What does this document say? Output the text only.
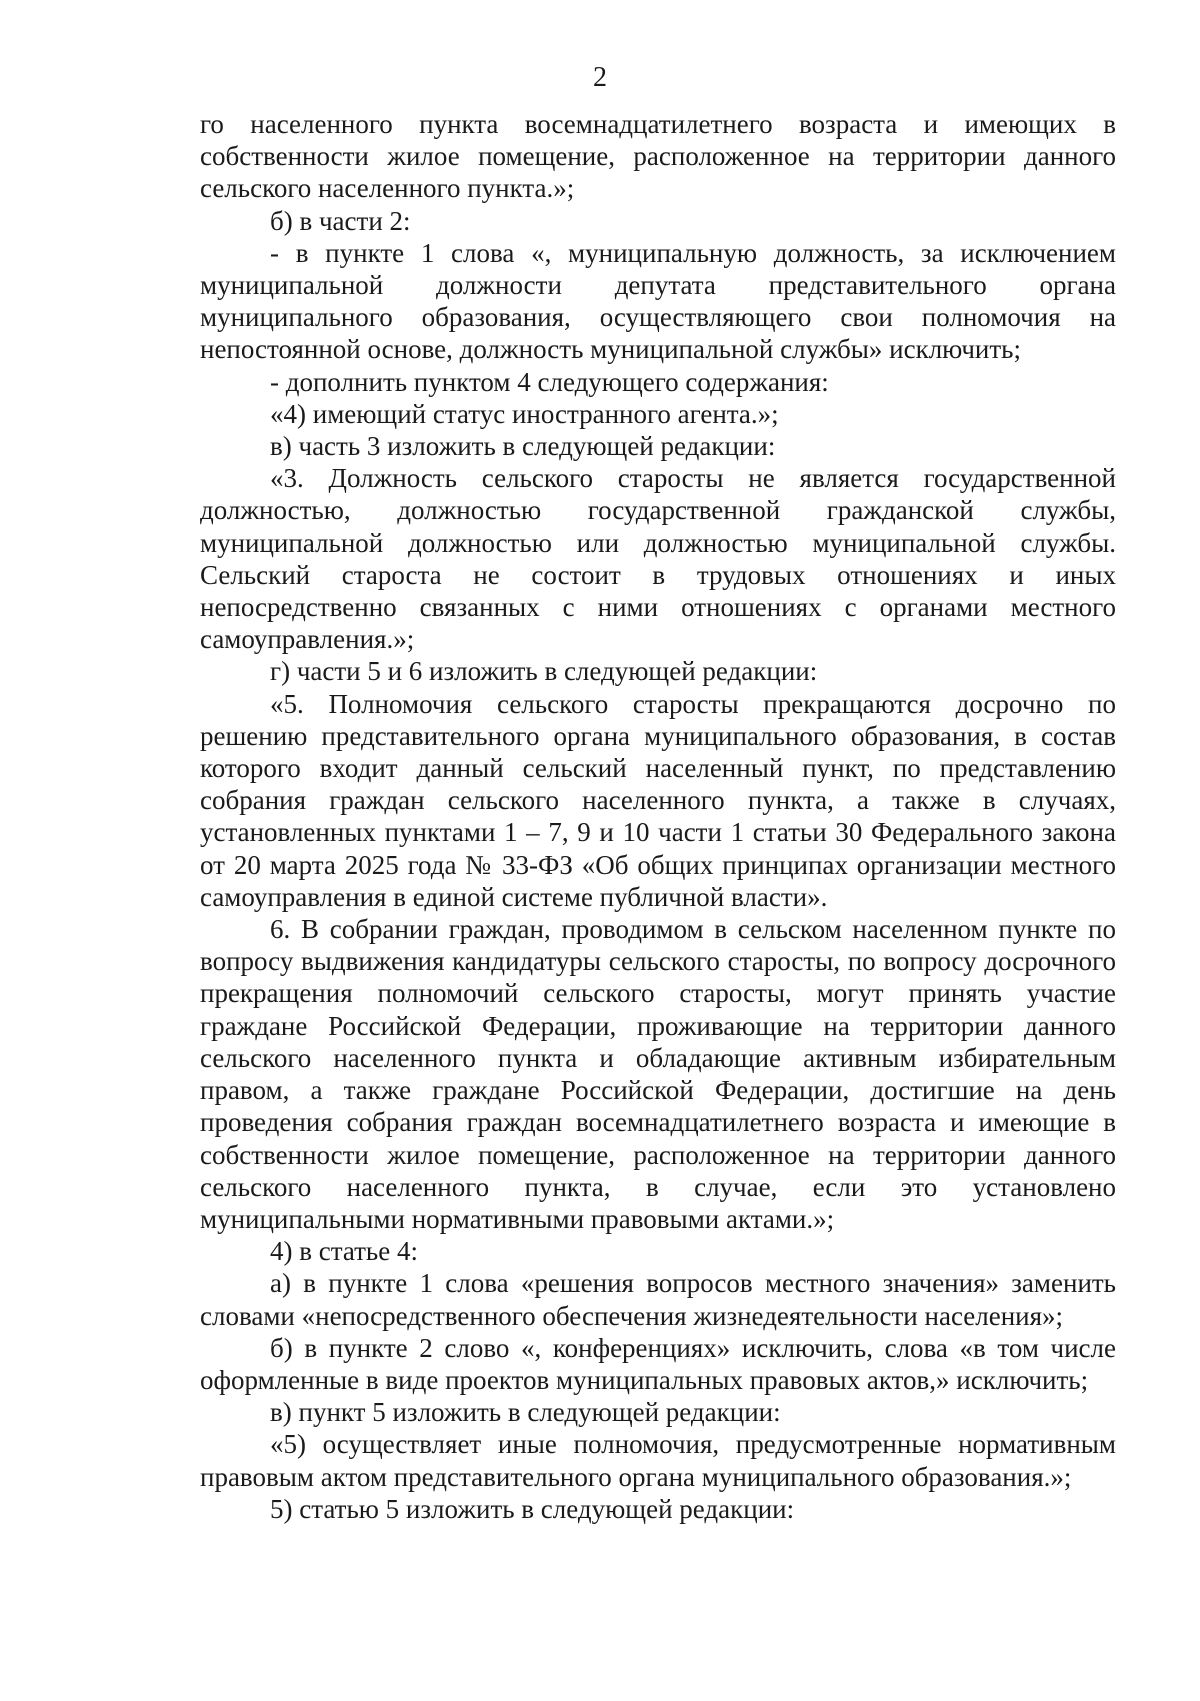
2

го населенного пункта восемнадцатилетнего возраста и имеющих в собственности жилое помещение, расположенное на территории данного сельского населенного пункта.»;

б) в части 2:

- в пункте 1 слова «, муниципальную должность, за исключением муниципальной должности депутата представительного органа муниципального образования, осуществляющего свои полномочия на непостоянной основе, должность муниципальной службы» исключить;

- дополнить пунктом 4 следующего содержания:

«4) имеющий статус иностранного агента.»;

в) часть 3 изложить в следующей редакции:

«3. Должность сельского старосты не является государственной должностью, должностью государственной гражданской службы, муниципальной должностью или должностью муниципальной службы. Сельский староста не состоит в трудовых отношениях и иных непосредственно связанных с ними отношениях с органами местного самоуправления.»;

г) части 5 и 6 изложить в следующей редакции:

«5. Полномочия сельского старосты прекращаются досрочно по решению представительного органа муниципального образования, в состав которого входит данный сельский населенный пункт, по представлению собрания граждан сельского населенного пункта, а также в случаях, установленных пунктами 1 – 7, 9 и 10 части 1 статьи 30 Федерального закона от 20 марта 2025 года № 33-ФЗ «Об общих принципах организации местного самоуправления в единой системе публичной власти».

6. В собрании граждан, проводимом в сельском населенном пункте по вопросу выдвижения кандидатуры сельского старосты, по вопросу досрочного прекращения полномочий сельского старосты, могут принять участие граждане Российской Федерации, проживающие на территории данного сельского населенного пункта и обладающие активным избирательным правом, а также граждане Российской Федерации, достигшие на день проведения собрания граждан восемнадцатилетнего возраста и имеющие в собственности жилое помещение, расположенное на территории данного сельского населенного пункта, в случае, если это установлено муниципальными нормативными правовыми актами.»;

4) в статье 4:

а) в пункте 1 слова «решения вопросов местного значения» заменить словами «непосредственного обеспечения жизнедеятельности населения»;

б) в пункте 2 слово «, конференциях» исключить, слова «в том числе оформленные в виде проектов муниципальных правовых актов,» исключить;

в) пункт 5 изложить в следующей редакции:

«5) осуществляет иные полномочия, предусмотренные нормативным правовым актом представительного органа муниципального образования.»;

5) статью 5 изложить в следующей редакции:
